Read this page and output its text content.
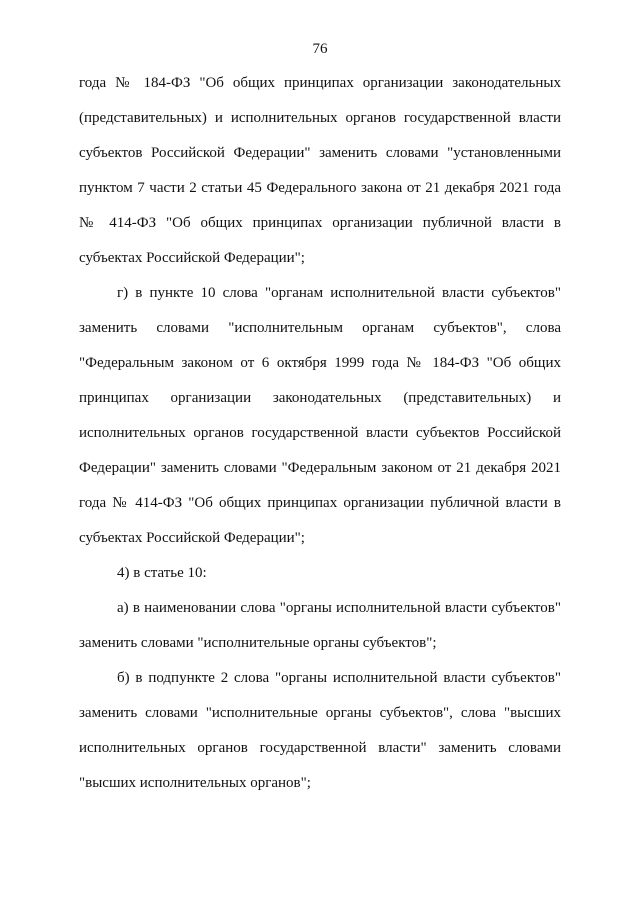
76
года № 184-ФЗ "Об общих принципах организации законодательных
(представительных) и исполнительных органов государственной власти
субъектов Российской Федерации" заменить словами "установленными
пунктом 7 части 2 статьи 45 Федерального закона от 21 декабря 2021 года
№ 414-ФЗ "Об общих принципах организации публичной власти в
субъектах Российской Федерации";
г) в пункте 10 слова "органам исполнительной власти субъектов"
заменить словами "исполнительным органам субъектов", слова
"Федеральным законом от 6 октября 1999 года № 184-ФЗ "Об общих
принципах организации законодательных (представительных) и
исполнительных органов государственной власти субъектов Российской
Федерации" заменить словами "Федеральным законом от 21 декабря 2021
года № 414-ФЗ "Об общих принципах организации публичной власти в
субъектах Российской Федерации";
4) в статье 10:
а) в наименовании слова "органы исполнительной власти субъектов"
заменить словами "исполнительные органы субъектов";
б) в подпункте 2 слова "органы исполнительной власти субъектов"
заменить словами "исполнительные органы субъектов", слова "высших
исполнительных органов государственной власти" заменить словами
"высших исполнительных органов";
